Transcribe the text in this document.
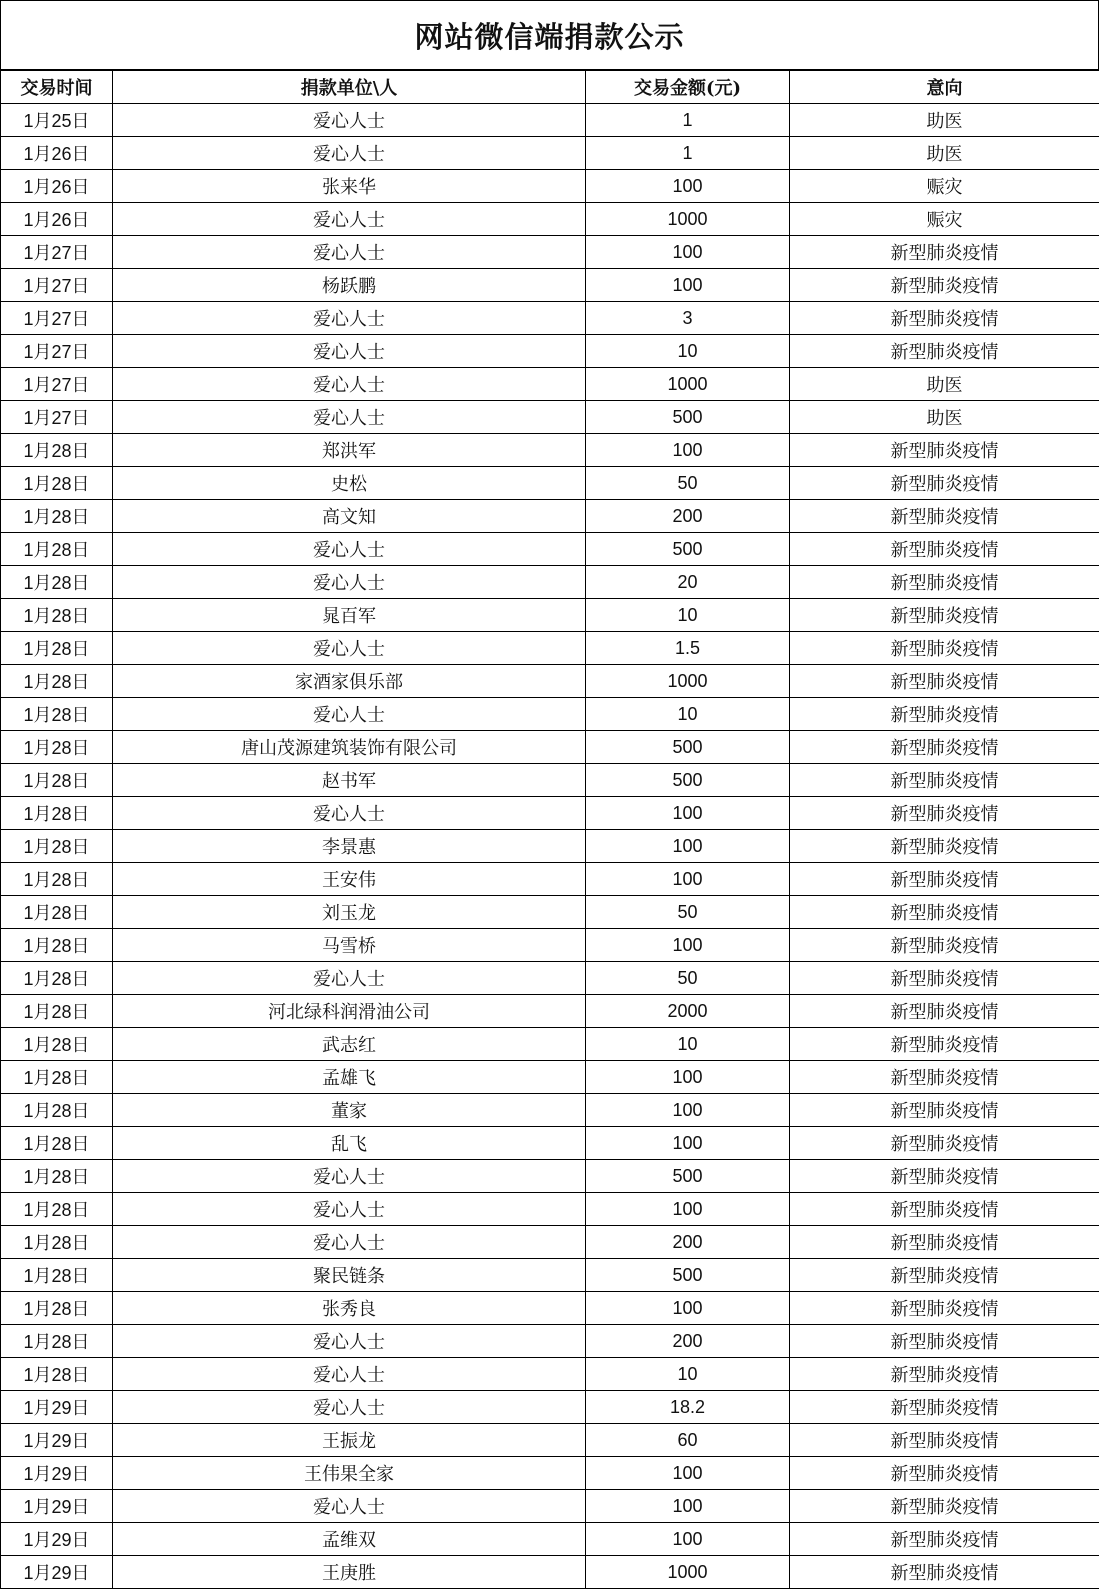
网站微信端捐款公示
交易时间	捐款单位\人	交易金额(元)	意向
1月25日	爱心人士	1	助医
1月26日	爱心人士	1	助医
1月26日	张来华	100	赈灾
1月26日	爱心人士	1000	赈灾
1月27日	爱心人士	100	新型肺炎疫情
1月27日	杨跃鹏	100	新型肺炎疫情
1月27日	爱心人士	3	新型肺炎疫情
1月27日	爱心人士	10	新型肺炎疫情
1月27日	爱心人士	1000	助医
1月27日	爱心人士	500	助医
1月28日	郑洪军	100	新型肺炎疫情
1月28日	史松	50	新型肺炎疫情
1月28日	高文知	200	新型肺炎疫情
1月28日	爱心人士	500	新型肺炎疫情
1月28日	爱心人士	20	新型肺炎疫情
1月28日	晁百军	10	新型肺炎疫情
1月28日	爱心人士	1.5	新型肺炎疫情
1月28日	家酒家俱乐部	1000	新型肺炎疫情
1月28日	爱心人士	10	新型肺炎疫情
1月28日	唐山茂源建筑装饰有限公司	500	新型肺炎疫情
1月28日	赵书军	500	新型肺炎疫情
1月28日	爱心人士	100	新型肺炎疫情
1月28日	李景惠	100	新型肺炎疫情
1月28日	王安伟	100	新型肺炎疫情
1月28日	刘玉龙	50	新型肺炎疫情
1月28日	马雪桥	100	新型肺炎疫情
1月28日	爱心人士	50	新型肺炎疫情
1月28日	河北绿科润滑油公司	2000	新型肺炎疫情
1月28日	武志红	10	新型肺炎疫情
1月28日	孟雄飞	100	新型肺炎疫情
1月28日	董家	100	新型肺炎疫情
1月28日	乱飞	100	新型肺炎疫情
1月28日	爱心人士	500	新型肺炎疫情
1月28日	爱心人士	100	新型肺炎疫情
1月28日	爱心人士	200	新型肺炎疫情
1月28日	聚民链条	500	新型肺炎疫情
1月28日	张秀良	100	新型肺炎疫情
1月28日	爱心人士	200	新型肺炎疫情
1月28日	爱心人士	10	新型肺炎疫情
1月29日	爱心人士	18.2	新型肺炎疫情
1月29日	王振龙	60	新型肺炎疫情
1月29日	王伟果全家	100	新型肺炎疫情
1月29日	爱心人士	100	新型肺炎疫情
1月29日	孟维双	100	新型肺炎疫情
1月29日	王庚胜	1000	新型肺炎疫情
